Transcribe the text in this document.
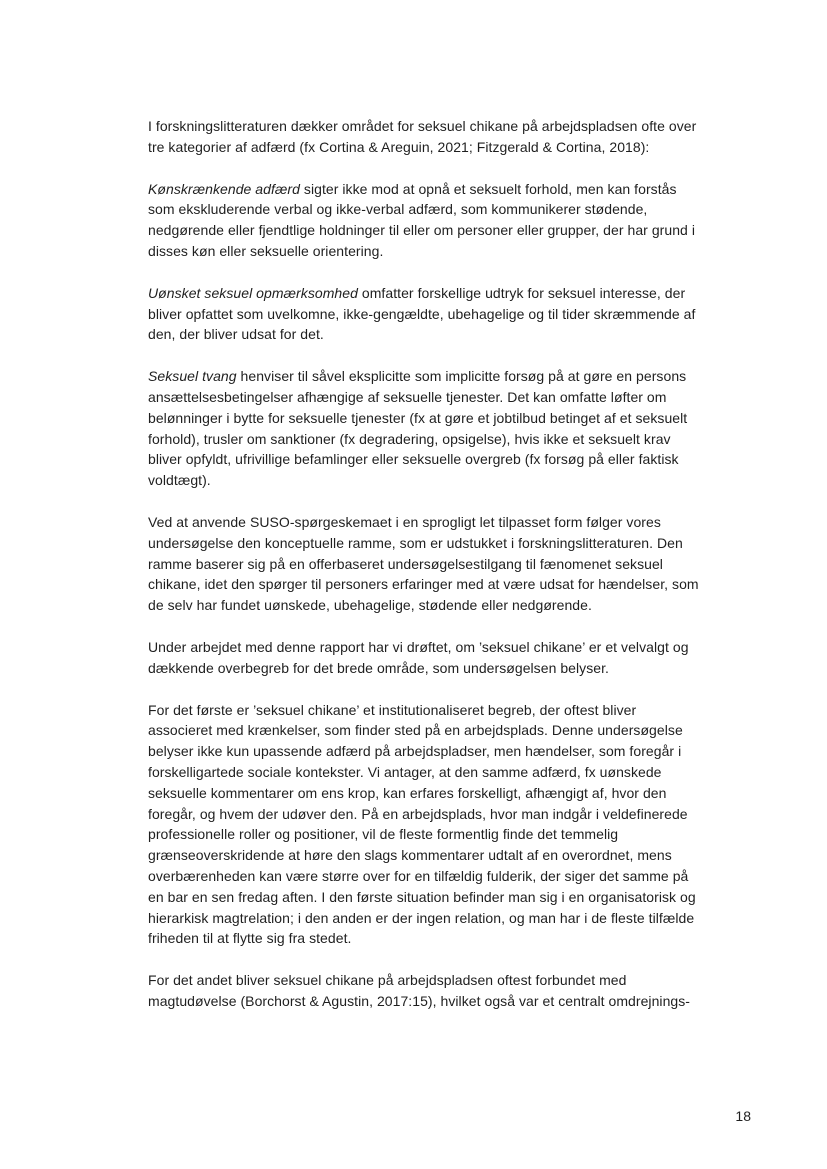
I forskningslitteraturen dækker området for seksuel chikane på arbejdspladsen ofte over tre kategorier af adfærd (fx Cortina & Areguin, 2021; Fitzgerald & Cortina, 2018):

Kønskrænkende adfærd sigter ikke mod at opnå et seksuelt forhold, men kan forstås som ekskluderende verbal og ikke-verbal adfærd, som kommunikerer stødende, nedgørende eller fjendtlige holdninger til eller om personer eller grupper, der har grund i disses køn eller seksuelle orientering.

Uønsket seksuel opmærksomhed omfatter forskellige udtryk for seksuel interesse, der bliver opfattet som uvelkomne, ikke-gengældte, ubehagelige og til tider skræmmende af den, der bliver udsat for det.

Seksuel tvang henviser til såvel eksplicitte som implicitte forsøg på at gøre en persons ansættelsesbetingelser afhængige af seksuelle tjenester. Det kan omfatte løfter om belønninger i bytte for seksuelle tjenester (fx at gøre et jobtilbud betinget af et seksuelt forhold), trusler om sanktioner (fx degradering, opsigelse), hvis ikke et seksuelt krav bliver opfyldt, ufrivillige befamlinger eller seksuelle overgreb (fx forsøg på eller faktisk voldtægt).

Ved at anvende SUSO-spørgeskemaet i en sprogligt let tilpasset form følger vores undersøgelse den konceptuelle ramme, som er udstukket i forskningslitteraturen. Den ramme baserer sig på en offerbaseret undersøgelsestilgang til fænomenet seksuel chikane, idet den spørger til personers erfaringer med at være udsat for hændelser, som de selv har fundet uønskede, ubehagelige, stødende eller nedgørende.

Under arbejdet med denne rapport har vi drøftet, om ’seksuel chikane’ er et velvalgt og dækkende overbegreb for det brede område, som undersøgelsen belyser.

For det første er ’seksuel chikane’ et institutionaliseret begreb, der oftest bliver associeret med krænkelser, som finder sted på en arbejdsplads. Denne undersøgelse belyser ikke kun upassende adfærd på arbejdspladser, men hændelser, som foregår i forskelligartede sociale kontekster. Vi antager, at den samme adfærd, fx uønskede seksuelle kommentarer om ens krop, kan erfares forskelligt, afhængigt af, hvor den foregår, og hvem der udøver den. På en arbejdsplads, hvor man indgår i veldefinerede professionelle roller og positioner, vil de fleste formentlig finde det temmelig grænseoverskridende at høre den slags kommentarer udtalt af en overordnet, mens overbærenheden kan være større over for en tilfældig fulderik, der siger det samme på en bar en sen fredag aften. I den første situation befinder man sig i en organisatorisk og hierarkisk magtrelation; i den anden er der ingen relation, og man har i de fleste tilfælde friheden til at flytte sig fra stedet.

For det andet bliver seksuel chikane på arbejdspladsen oftest forbundet med magtudøvelse (Borchorst & Agustin, 2017:15), hvilket også var et centralt omdrejnings-

18
